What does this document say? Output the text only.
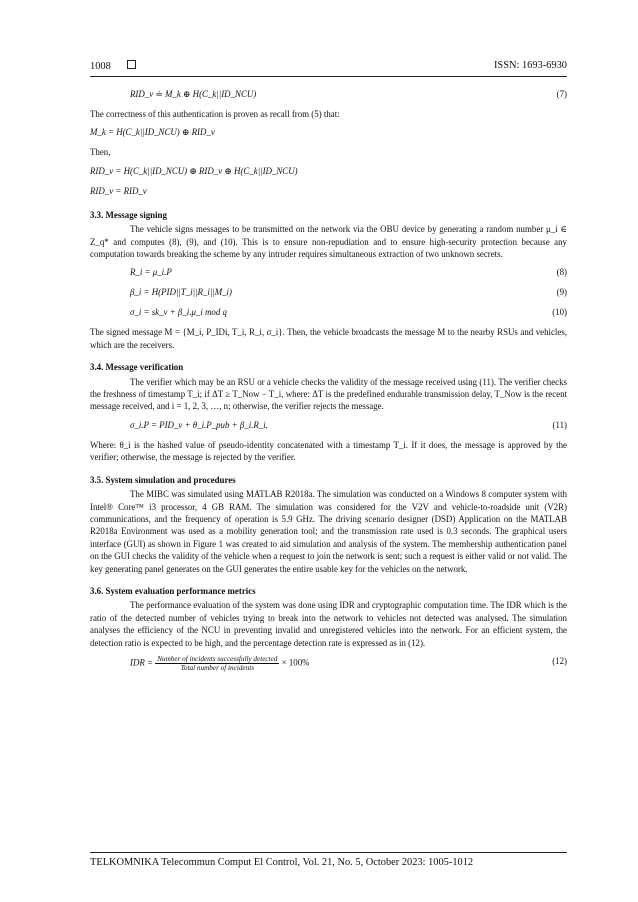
1008	ISSN: 1693-6930
RID_v ≐ M_k ⊕ H(C_k||ID_NCU)	(7)

The correctness of this authentication is proven as recall from (5) that:

M_k = H(C_k||ID_NCU) ⊕ RID_v

Then,

RID_v = H(C_k||ID_NCU) ⊕ RID_v ⊕ H(C_k||ID_NCU)
RID_v = RID_v
3.3. Message signing

The vehicle signs messages to be transmitted on the network via the OBU device by generating a random number μ_i ∈ Z_q* and computes (8), (9), and (10). This is to ensure non-repudiation and to ensure high-security protection because any computation towards breaking the scheme by any intruder requires simultaneous extraction of two unknown secrets.

R_i = μ_i.P	(8)
β_i = H(PID||T_i||R_i||M_i)	(9)
σ_i = sk_v + β_i.μ_i mod q	(10)

The signed message M = {M_i, P_IDi, T_i, R_i, σ_i}. Then, the vehicle broadcasts the message M to the nearby RSUs and vehicles, which are the receivers.

3.4. Message verification

The verifier which may be an RSU or a vehicle checks the validity of the message received using (11). The verifier checks the freshness of timestamp T_i; if ΔT ≥ T_Now − T_i, where: ΔT is the predefined endurable transmission delay, T_Now is the recent message received, and i = 1, 2, 3, …, n; otherwise, the verifier rejects the message.

σ_i.P = PID_v + θ_i.P_pub + β_i.R_i.	(11)

Where: θ_i is the hashed value of pseudo-identity concatenated with a timestamp T_i. If it does, the message is approved by the verifier; otherwise, the message is rejected by the verifier.

3.5. System simulation and procedures

The MIBC was simulated using MATLAB R2018a. The simulation was conducted on a Windows 8 computer system with Intel® Core™ i3 processor, 4 GB RAM. The simulation was considered for the V2V and vehicle-to-roadside unit (V2R) communications, and the frequency of operation is 5.9 GHz. The driving scenario designer (DSD) Application on the MATLAB R2018a Environment was used as a mobility generation tool; and the transmission rate used is 0.3 seconds. The graphical users interface (GUI) as shown in Figure 1 was created to aid simulation and analysis of the system. The membership authentication panel on the GUI checks the validity of the vehicle when a request to join the network is sent; such a request is either valid or not valid. The key generating panel generates on the GUI generates the entire usable key for the vehicles on the network.

3.6. System evaluation performance metrics

The performance evaluation of the system was done using IDR and cryptographic computation time. The IDR which is the ratio of the detected number of vehicles trying to break into the network to vehicles not detected was analysed. The simulation analyses the efficiency of the NCU in preventing invalid and unregistered vehicles into the network. For an efficient system, the detection ratio is expected to be high, and the percentage detection rate is expressed as in (12).

IDR = $\frac{\text{Number of incidents successfully detected}}{\text{Total number of incidents}} \times 100\%$	(12)
TELKOMNIKA Telecommun Comput El Control, Vol. 21, No. 5, October 2023: 1005-1012
